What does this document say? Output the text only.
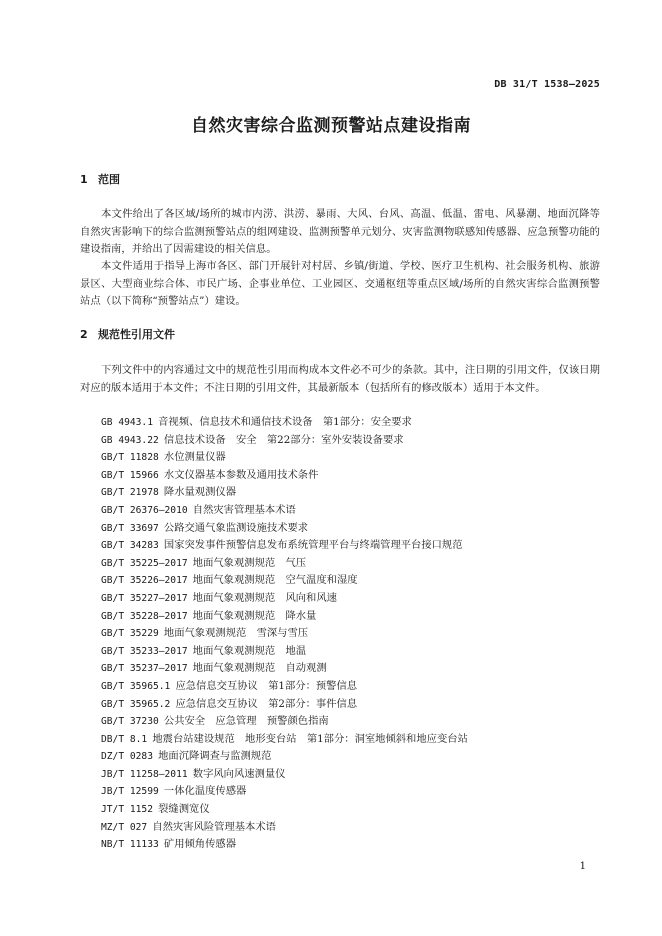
DB 31/T 1538—2025
自然灾害综合监测预警站点建设指南
1 范围

本文件给出了各区域/场所的城市内涝、洪涝、暴雨、大风、台风、高温、低温、雷电、风暴潮、地面沉降等自然灾害影响下的综合监测预警站点的组网建设、监测预警单元划分、灾害监测物联感知传感器、应急预警功能的建设指南，并给出了因需建设的相关信息。

本文件适用于指导上海市各区、部门开展针对村居、乡镇/街道、学校、医疗卫生机构、社会服务机构、旅游景区、大型商业综合体、市民广场、企事业单位、工业园区、交通枢纽等重点区域/场所的自然灾害综合监测预警站点（以下简称“预警站点”）建设。

2 规范性引用文件

下列文件中的内容通过文中的规范性引用而构成本文件必不可少的条款。其中，注日期的引用文件，仅该日期对应的版本适用于本文件；不注日期的引用文件，其最新版本（包括所有的修改版本）适用于本文件。

GB 4943.1  音视频、信息技术和通信技术设备　第1部分：安全要求
GB 4943.22  信息技术设备　安全　第22部分：室外安装设备要求
GB/T 11828  水位测量仪器
GB/T 15966  水文仪器基本参数及通用技术条件
GB/T 21978  降水量观测仪器
GB/T 26376—2010  自然灾害管理基本术语
GB/T 33697  公路交通气象监测设施技术要求
GB/T 34283  国家突发事件预警信息发布系统管理平台与终端管理平台接口规范
GB/T 35225—2017  地面气象观测规范　气压
GB/T 35226—2017  地面气象观测规范　空气温度和湿度
GB/T 35227—2017  地面气象观测规范　风向和风速
GB/T 35228—2017  地面气象观测规范　降水量
GB/T 35229  地面气象观测规范　雪深与雪压
GB/T 35233—2017  地面气象观测规范　地温
GB/T 35237—2017  地面气象观测规范　自动观测
GB/T 35965.1  应急信息交互协议　第1部分：预警信息
GB/T 35965.2  应急信息交互协议　第2部分：事件信息
GB/T 37230  公共安全　应急管理　预警颜色指南
DB/T 8.1  地震台站建设规范　地形变台站　第1部分：洞室地倾斜和地应变台站
DZ/T 0283  地面沉降调查与监测规范
JB/T 11258—2011  数字风向风速测量仪
JB/T 12599  一体化温度传感器
JT/T 1152  裂缝测宽仪
MZ/T 027  自然灾害风险管理基本术语
NB/T 11133  矿用倾角传感器
1
